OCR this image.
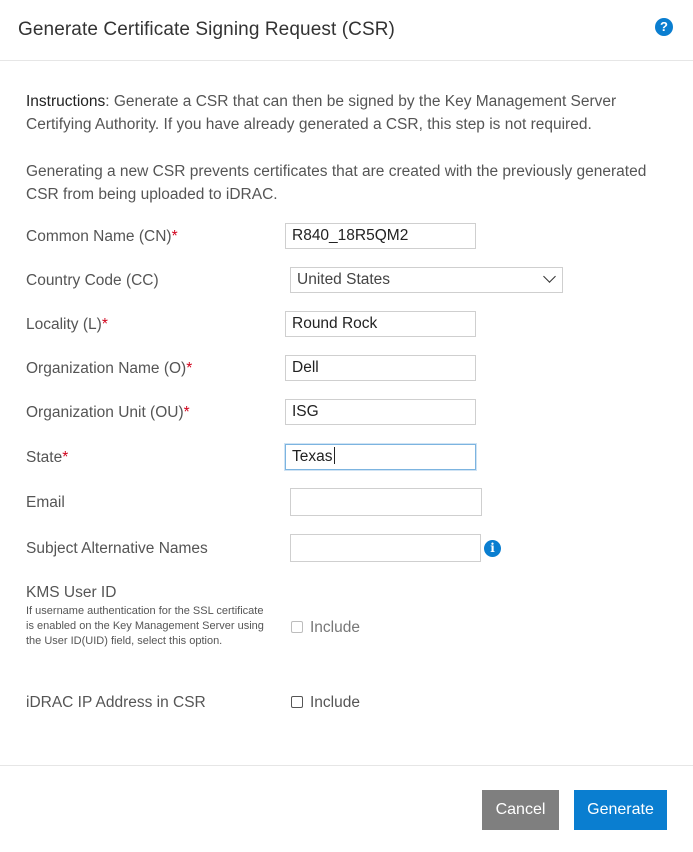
Generate Certificate Signing Request (CSR)	?
Instructions: Generate a CSR that can then be signed by the Key Management Server Certifying Authority. If you have already generated a CSR, this step is not required.
Generating a new CSR prevents certificates that are created with the previously generated CSR from being uploaded to iDRAC.
Common Name (CN)*	R840_18R5QM2
Country Code (CC)	United States
Locality (L)*	Round Rock
Organization Name (O)*	Dell
Organization Unit (OU)*	ISG
State*	Texas
Email
Subject Alternative Names	i
KMS User ID
If username authentication for the SSL certificate is enabled on the Key Management Server using the User ID(UID) field, select this option.
Include
iDRAC IP Address in CSR	Include
Cancel	Generate
